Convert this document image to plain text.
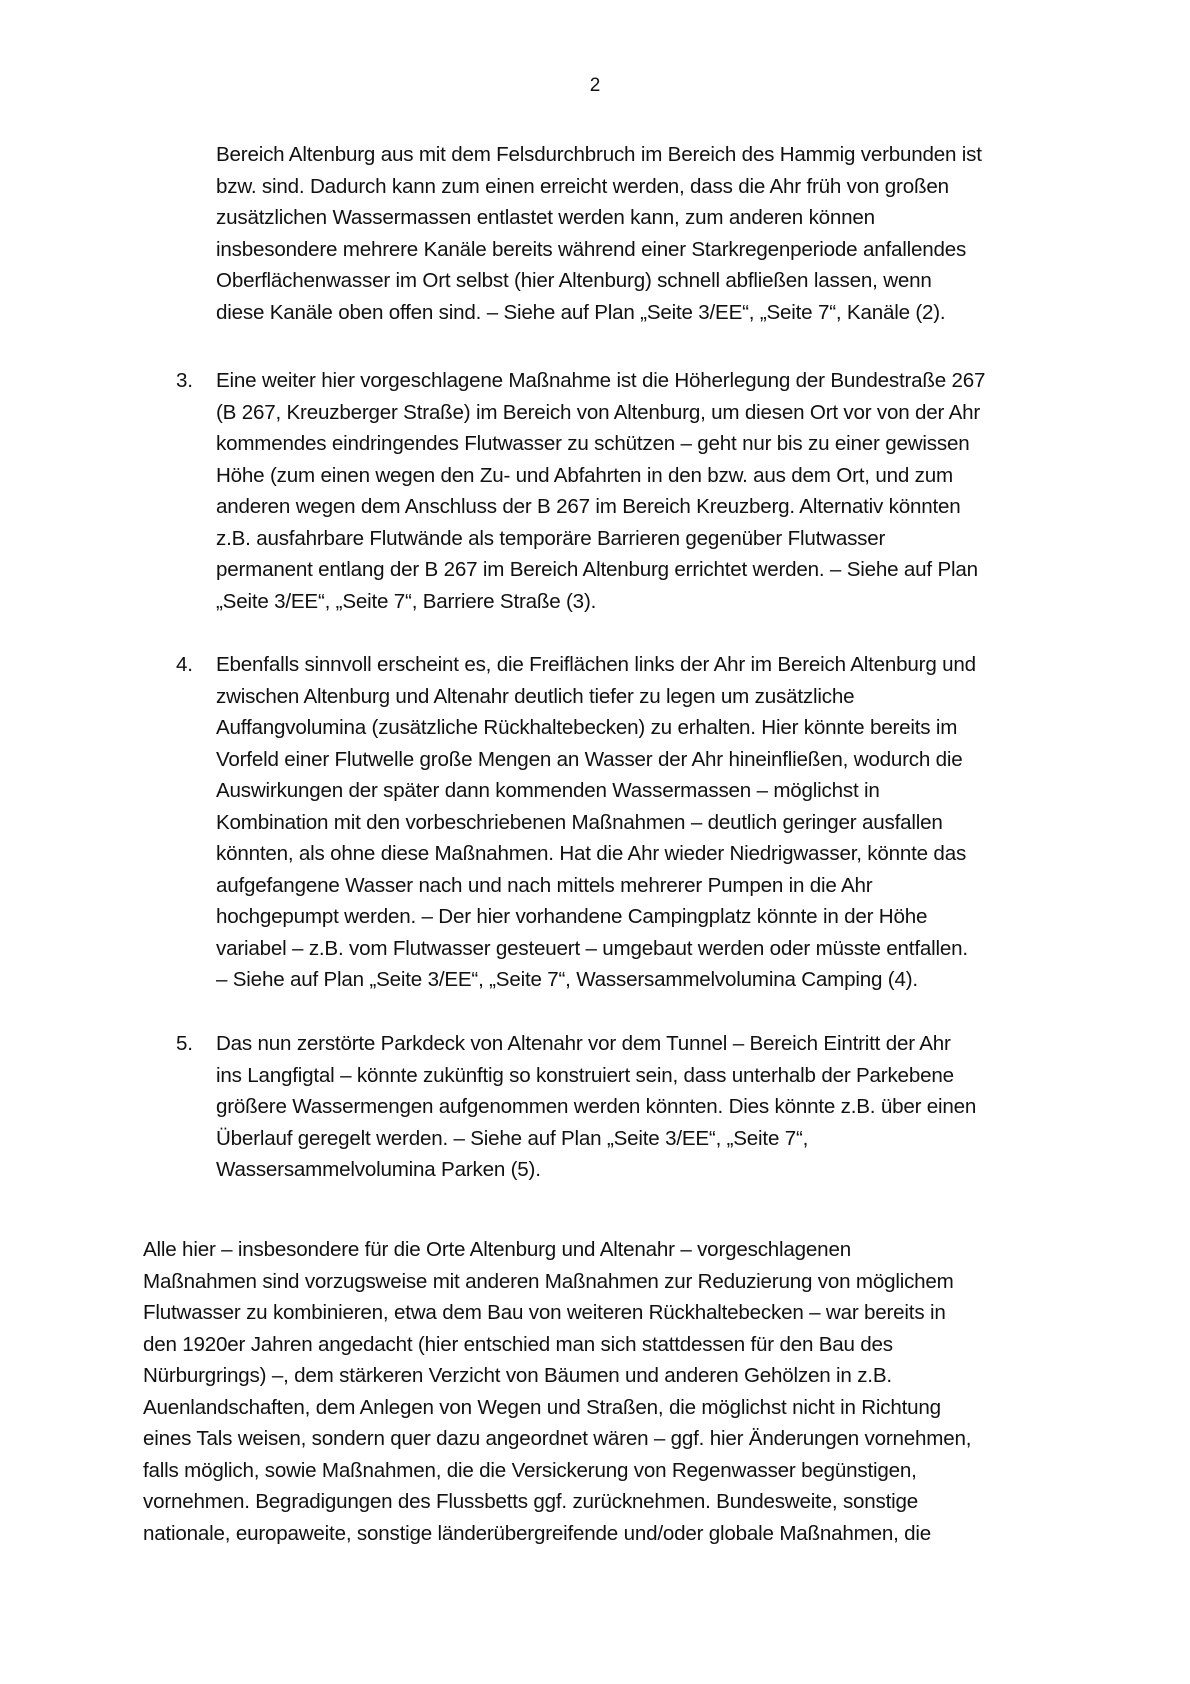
2
Bereich Altenburg aus mit dem Felsdurchbruch im Bereich des Hammig verbunden ist
bzw. sind. Dadurch kann zum einen erreicht werden, dass die Ahr früh von großen
zusätzlichen Wassermassen entlastet werden kann, zum anderen können
insbesondere mehrere Kanäle bereits während einer Starkregenperiode anfallendes
Oberflächenwasser im Ort selbst (hier Altenburg) schnell abfließen lassen, wenn
diese Kanäle oben offen sind. – Siehe auf Plan „Seite 3/EE“, „Seite 7“, Kanäle (2).
3.	Eine weiter hier vorgeschlagene Maßnahme ist die Höherlegung der Bundestraße 267
(B 267, Kreuzberger Straße) im Bereich von Altenburg, um diesen Ort vor von der Ahr
kommendes eindringendes Flutwasser zu schützen – geht nur bis zu einer gewissen
Höhe (zum einen wegen den Zu- und Abfahrten in den bzw. aus dem Ort, und zum
anderen wegen dem Anschluss der B 267 im Bereich Kreuzberg. Alternativ könnten
z.B. ausfahrbare Flutwände als temporäre Barrieren gegenüber Flutwasser
permanent entlang der B 267 im Bereich Altenburg errichtet werden. – Siehe auf Plan
„Seite 3/EE“, „Seite 7“, Barriere Straße (3).
4.	Ebenfalls sinnvoll erscheint es, die Freiflächen links der Ahr im Bereich Altenburg und
zwischen Altenburg und Altenahr deutlich tiefer zu legen um zusätzliche
Auffangvolumina (zusätzliche Rückhaltebecken) zu erhalten. Hier könnte bereits im
Vorfeld einer Flutwelle große Mengen an Wasser der Ahr hineinfließen, wodurch die
Auswirkungen der später dann kommenden Wassermassen – möglichst in
Kombination mit den vorbeschriebenen Maßnahmen – deutlich geringer ausfallen
könnten, als ohne diese Maßnahmen. Hat die Ahr wieder Niedrigwasser, könnte das
aufgefangene Wasser nach und nach mittels mehrerer Pumpen in die Ahr
hochgepumpt werden. – Der hier vorhandene Campingplatz könnte in der Höhe
variabel – z.B. vom Flutwasser gesteuert – umgebaut werden oder müsste entfallen.
– Siehe auf Plan „Seite 3/EE“, „Seite 7“, Wassersammelvolumina Camping (4).
5.	Das nun zerstörte Parkdeck von Altenahr vor dem Tunnel – Bereich Eintritt der Ahr
ins Langfigtal – könnte zukünftig so konstruiert sein, dass unterhalb der Parkebene
größere Wassermengen aufgenommen werden könnten. Dies könnte z.B. über einen
Überlauf geregelt werden. – Siehe auf Plan „Seite 3/EE“, „Seite 7“,
Wassersammelvolumina Parken (5).
Alle hier – insbesondere für die Orte Altenburg und Altenahr – vorgeschlagenen
Maßnahmen sind vorzugsweise mit anderen Maßnahmen zur Reduzierung von möglichem
Flutwasser zu kombinieren, etwa dem Bau von weiteren Rückhaltebecken – war bereits in
den 1920er Jahren angedacht (hier entschied man sich stattdessen für den Bau des
Nürburgrings) –, dem stärkeren Verzicht von Bäumen und anderen Gehölzen in z.B.
Auenlandschaften, dem Anlegen von Wegen und Straßen, die möglichst nicht in Richtung
eines Tals weisen, sondern quer dazu angeordnet wären – ggf. hier Änderungen vornehmen,
falls möglich, sowie Maßnahmen, die die Versickerung von Regenwasser begünstigen,
vornehmen. Begradigungen des Flussbetts ggf. zurücknehmen. Bundesweite, sonstige
nationale, europaweite, sonstige länderübergreifende und/oder globale Maßnahmen, die
